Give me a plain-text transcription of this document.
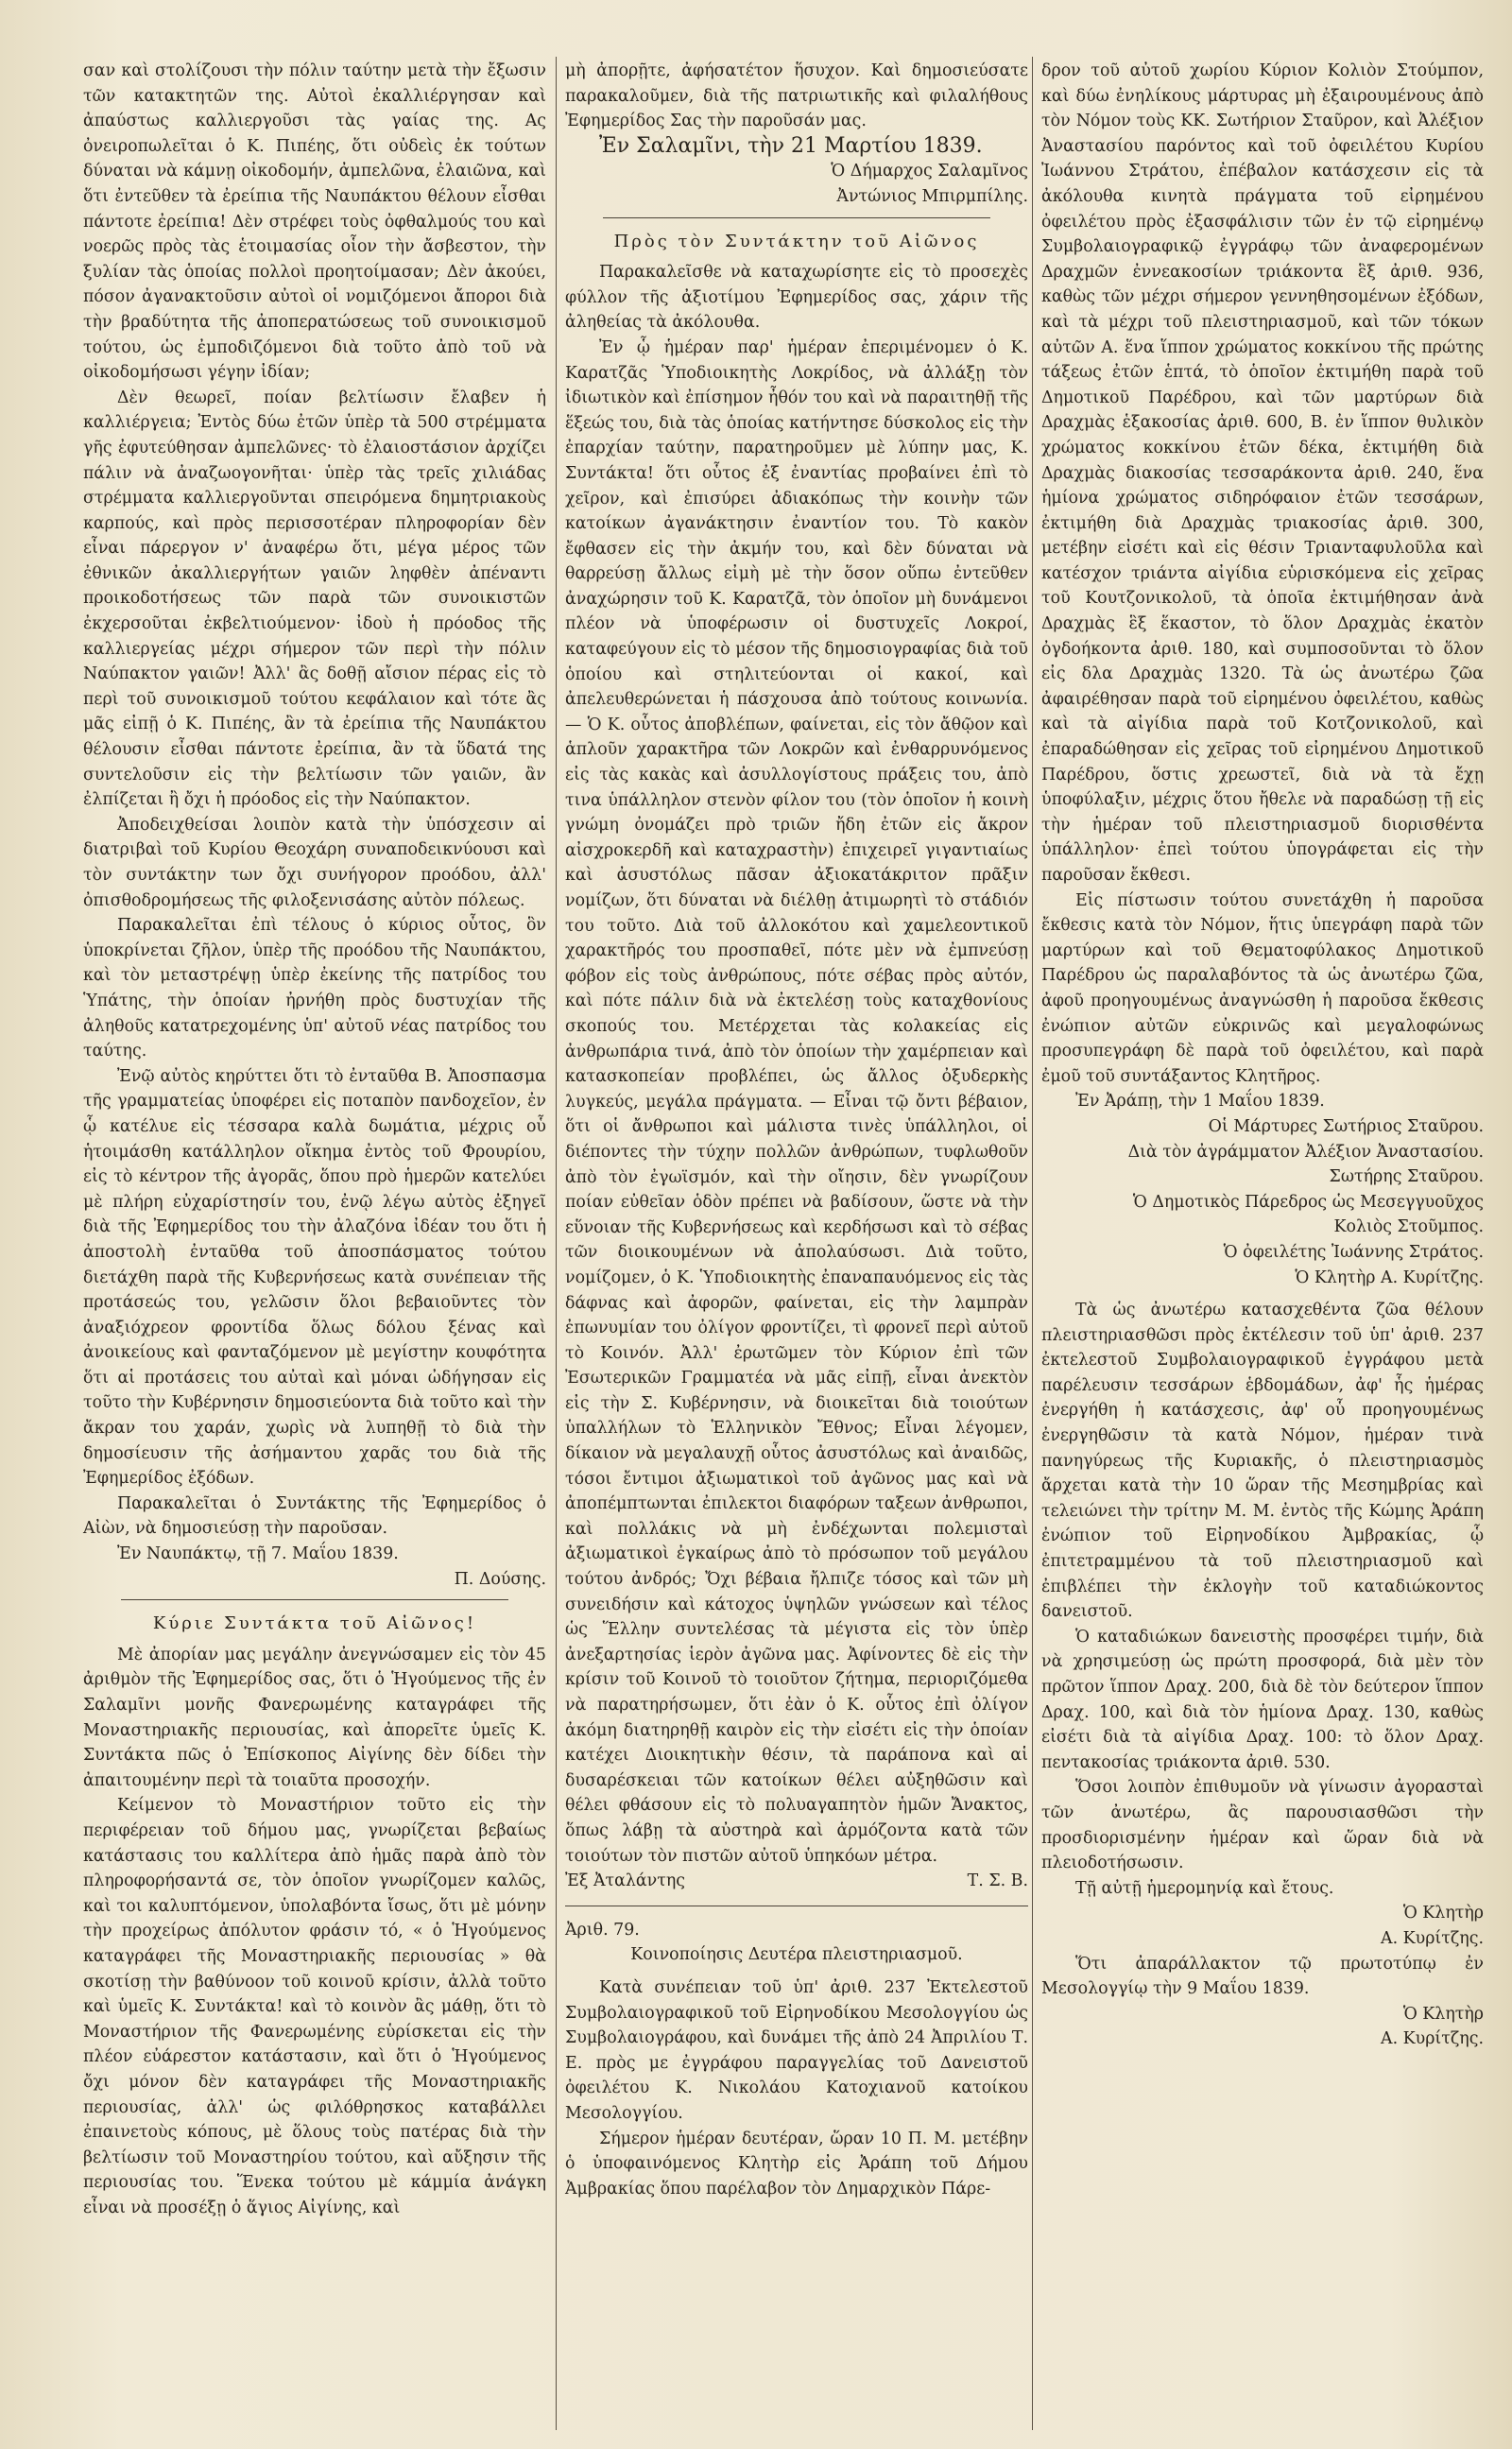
σαν καὶ στολίζουσι τὴν πόλιν ταύτην μετὰ τὴν ἔξωσιν τῶν κατακτητῶν της. Αὐτοὶ ἐκαλλιέργησαν καὶ ἀπαύστως καλλιεργοῦσι τὰς γαίας της. Ας ὀνειροπωλεῖται ὁ Κ. Πιπέης, ὅτι οὐδεὶς ἐκ τούτων δύναται νὰ κάμνῃ οἰκοδομήν, ἀμπελῶνα, ἐλαιῶνα, καὶ ὅτι ἐντεῦθεν τὰ ἐρείπια τῆς Ναυπάκτου θέλουν εἶσθαι πάντοτε ἐρείπια! Δὲν στρέφει τοὺς ὀφθαλμούς του καὶ νοερῶς πρὸς τὰς ἑτοιμασίας οἷον τὴν ἄσβεστον, τὴν ξυλίαν τὰς ὁποίας πολλοὶ προητοίμασαν; Δὲν ἀκούει, πόσον ἀγανακτοῦσιν αὐτοὶ οἱ νομιζόμενοι ἄποροι διὰ τὴν βραδύτητα τῆς ἀποπερατώσεως τοῦ συνοικισμοῦ τούτου, ὡς ἐμποδιζόμενοι διὰ τοῦτο ἀπὸ τοῦ νὰ οἰκοδομήσωσι γέγην ἰδίαν;

Δὲν θεωρεῖ, ποίαν βελτίωσιν ἔλαβεν ἡ καλλιέργεια; Ἐντὸς δύω ἐτῶν ὑπὲρ τὰ 500 στρέμματα γῆς ἐφυτεύθησαν ἀμπελῶνες· τὸ ἐλαιοστάσιον ἀρχίζει πάλιν νὰ ἀναζωογονῆται· ὑπὲρ τὰς τρεῖς χιλιάδας στρέμματα καλλιεργοῦνται σπειρόμενα δημητριακοὺς καρπούς, καὶ πρὸς περισσοτέραν πληροφορίαν δὲν εἶναι πάρεργον ν' ἀναφέρω ὅτι, μέγα μέρος τῶν ἐθνικῶν ἀκαλλιεργήτων γαιῶν ληφθὲν ἀπέναντι προικοδοτήσεως τῶν παρὰ τῶν συνοικιστῶν ἐκχερσοῦται ἐκβελτιούμενον· ἰδοὺ ἡ πρόοδος τῆς καλλιεργείας μέχρι σήμερον τῶν περὶ τὴν πόλιν Ναύπακτον γαιῶν! Ἀλλ' ἂς δοθῇ αἴσιον πέρας εἰς τὸ περὶ τοῦ συνοικισμοῦ τούτου κεφάλαιον καὶ τότε ἂς μᾶς εἰπῇ ὁ Κ. Πιπέης, ἂν τὰ ἐρείπια τῆς Ναυπάκτου θέλουσιν εἶσθαι πάντοτε ἐρείπια, ἂν τὰ ὕδατά της συντελοῦσιν εἰς τὴν βελτίωσιν τῶν γαιῶν, ἂν ἐλπίζεται ἢ ὄχι ἡ πρόοδος εἰς τὴν Ναύπακτον.

Ἀποδειχθείσαι λοιπὸν κατὰ τὴν ὑπόσχεσιν αἱ διατριβαὶ τοῦ Κυρίου Θεοχάρη συναποδεικνύουσι καὶ τὸν συντάκτην των ὄχι συνήγορον προόδου, ἀλλ' ὀπισθοδρομήσεως τῆς φιλοξενισάσης αὐτὸν πόλεως.

Παρακαλεῖται ἐπὶ τέλους ὁ κύριος οὗτος, ὃν ὑποκρίνεται ζῆλον, ὑπὲρ τῆς προόδου τῆς Ναυπάκτου, καὶ τὸν μεταστρέψῃ ὑπὲρ ἐκείνης τῆς πατρίδος του Ὑπάτης, τὴν ὁποίαν ἠρνήθη πρὸς δυστυχίαν τῆς ἀληθοῦς κατατρεχομένης ὑπ' αὐτοῦ νέας πατρίδος του ταύτης.

Ἐνῷ αὐτὸς κηρύττει ὅτι τὸ ἐνταῦθα Β. Ἀποσπασμα τῆς γραμματείας ὑποφέρει εἰς ποταπὸν πανδοχεῖον, ἐν ᾧ κατέλυε εἰς τέσσαρα καλὰ δωμάτια, μέχρις οὗ ἡτοιμάσθη κατάλληλον οἴκημα ἐντὸς τοῦ Φρουρίου, εἰς τὸ κέντρον τῆς ἀγορᾶς, ὅπου πρὸ ἡμερῶν κατελύει μὲ πλήρη εὐχαρίστησίν του, ἐνῷ λέγω αὐτὸς ἐξηγεῖ διὰ τῆς Ἐφημερίδος του τὴν ἀλαζόνα ἰδέαν του ὅτι ἡ ἀποστολὴ ἐνταῦθα τοῦ ἀποσπάσματος τούτου διετάχθη παρὰ τῆς Κυβερνήσεως κατὰ συνέπειαν τῆς προτάσεώς του, γελῶσιν ὅλοι βεβαιοῦντες τὸν ἀναξιόχρεον φροντίδα ὅλως δόλου ξένας καὶ ἀνοικείους καὶ φανταζόμενον μὲ μεγίστην κουφότητα ὅτι αἱ προτάσεις του αὐταὶ καὶ μόναι ὠδήγησαν εἰς τοῦτο τὴν Κυβέρνησιν δημοσιεύοντα διὰ τοῦτο καὶ τὴν ἄκραν του χαράν, χωρὶς νὰ λυπηθῇ τὸ διὰ τὴν δημοσίευσιν τῆς ἀσήμαντου χαρᾶς του διὰ τῆς Ἐφημερίδος ἐξόδων.

Παρακαλεῖται ὁ Συντάκτης τῆς Ἐφημερίδος ὁ Αἰὼν, νὰ δημοσιεύσῃ τὴν παροῦσαν.

Ἐν Ναυπάκτῳ, τῇ 7. Μαΐου 1839.

Π. Δούσης.

Κύριε Συντάκτα τοῦ Αἰῶνος!

Μὲ ἀπορίαν μας μεγάλην ἀνεγνώσαμεν εἰς τὸν 45 ἀριθμὸν τῆς Ἐφημερίδος σας, ὅτι ὁ Ἡγούμενος τῆς ἐν Σαλαμῖνι μονῆς Φανερωμένης καταγράφει τῆς Μοναστηριακῆς περιουσίας, καὶ ἀπορεῖτε ὑμεῖς Κ. Συντάκτα πῶς ὁ Ἐπίσκοπος Αἰγίνης δὲν δίδει τὴν ἀπαιτουμένην περὶ τὰ τοιαῦτα προσοχήν.

Κείμενον τὸ Μοναστήριον τοῦτο εἰς τὴν περιφέρειαν τοῦ δήμου μας, γνωρίζεται βεβαίως κατάστασις του καλλίτερα ἀπὸ ἡμᾶς παρὰ ἀπὸ τὸν πληροφορήσαντά σε, τὸν ὁποῖον γνωρίζομεν καλῶς, καὶ τοι καλυπτόμενον, ὑπολαβόντα ἴσως, ὅτι μὲ μόνην τὴν προχείρως ἀπόλυτον φράσιν τό, « ὁ Ἡγούμενος καταγράφει τῆς Μοναστηριακῆς περιουσίας » θὰ σκοτίσῃ τὴν βαθύνοον τοῦ κοινοῦ κρίσιν, ἀλλὰ τοῦτο καὶ ὑμεῖς Κ. Συντάκτα! καὶ τὸ κοινὸν ἂς μάθῃ, ὅτι τὸ Μοναστήριον τῆς Φανερωμένης εὑρίσκεται εἰς τὴν πλέον εὐάρεστον κατάστασιν, καὶ ὅτι ὁ Ἡγούμενος ὄχι μόνον δὲν καταγράφει τῆς Μοναστηριακῆς περιουσίας, ἀλλ' ὡς φιλόθρησκος καταβάλλει ἐπαινετοὺς κόπους, μὲ ὅλους τοὺς πατέρας διὰ τὴν βελτίωσιν τοῦ Μοναστηρίου τούτου, καὶ αὔξησιν τῆς περιουσίας του. Ἕνεκα τούτου μὲ κάμμία ἀνάγκη εἶναι νὰ προσέξῃ ὁ ἅγιος Αἰγίνης, καὶ

μὴ ἀπορῇτε, ἀφήσατέτον ἥσυχον. Καὶ δημοσιεύσατε παρακαλοῦμεν, διὰ τῆς πατριωτικῆς καὶ φιλαλήθους Ἐφημερίδος Σας τὴν παροῦσάν μας.

Ἐν Σαλαμῖνι, τὴν 21 Μαρτίου 1839.

Ὁ Δήμαρχος Σαλαμῖνος

Ἀντώνιος Μπιρμπίλης.

Πρὸς τὸν Συντάκτην τοῦ Αἰῶνος

Παρακαλεῖσθε νὰ καταχωρίσητε εἰς τὸ προσεχὲς φύλλον τῆς ἀξιοτίμου Ἐφημερίδος σας, χάριν τῆς ἀληθείας τὰ ἀκόλουθα.

Ἐν ᾧ ἡμέραν παρ' ἡμέραν ἐπεριμένομεν ὁ Κ. Καρατζᾶς Ὑποδιοικητὴς Λοκρίδος, νὰ ἀλλάξῃ τὸν ἰδιωτικὸν καὶ ἐπίσημον ἦθόν του καὶ νὰ παραιτηθῇ τῆς ἕξεώς του, διὰ τὰς ὁποίας κατήντησε δύσκολος εἰς τὴν ἐπαρχίαν ταύτην, παρατηροῦμεν μὲ λύπην μας, Κ. Συντάκτα! ὅτι οὗτος ἐξ ἐναντίας προβαίνει ἐπὶ τὸ χεῖρον, καὶ ἐπισύρει ἀδιακόπως τὴν κοινὴν τῶν κατοίκων ἀγανάκτησιν ἐναντίον του. Τὸ κακὸν ἔφθασεν εἰς τὴν ἀκμήν του, καὶ δὲν δύναται νὰ θαρρεύσῃ ἄλλως εἰμὴ μὲ τὴν ὅσον οὕπω ἐντεῦθεν ἀναχώρησιν τοῦ Κ. Καρατζᾶ, τὸν ὁποῖον μὴ δυνάμενοι πλέον νὰ ὑποφέρωσιν οἱ δυστυχεῖς Λοκροί, καταφεύγουν εἰς τὸ μέσον τῆς δημοσιογραφίας διὰ τοῦ ὁποίου καὶ στηλιτεύονται οἱ κακοί, καὶ ἀπελευθερώνεται ἡ πάσχουσα ἀπὸ τούτους κοινωνία. — Ὁ Κ. οὗτος ἀποβλέπων, φαίνεται, εἰς τὸν ἄθῷον καὶ ἁπλοῦν χαρακτῆρα τῶν Λοκρῶν καὶ ἐνθαρρυνόμενος εἰς τὰς κακὰς καὶ ἀσυλλογίστους πράξεις του, ἀπὸ τινα ὑπάλληλον στενὸν φίλον του (τὸν ὁποῖον ἡ κοινὴ γνώμη ὀνομάζει πρὸ τριῶν ἤδη ἐτῶν εἰς ἄκρον αἰσχροκερδῆ καὶ καταχραστὴν) ἐπιχειρεῖ γιγαντιαίως καὶ ἀσυστόλως πᾶσαν ἀξιοκατάκριτον πρᾶξιν νομίζων, ὅτι δύναται νὰ διέλθῃ ἀτιμωρητὶ τὸ στάδιόν του τοῦτο. Διὰ τοῦ ἀλλοκότου καὶ χαμελεοντικοῦ χαρακτῆρός του προσπαθεῖ, πότε μὲν νὰ ἐμπνεύσῃ φόβον εἰς τοὺς ἀνθρώπους, πότε σέβας πρὸς αὐτόν, καὶ πότε πάλιν διὰ νὰ ἐκτελέσῃ τοὺς καταχθονίους σκοπούς του. Μετέρχεται τὰς κολακείας εἰς ἀνθρωπάρια τινά, ἀπὸ τὸν ὁποίων τὴν χαμέρπειαν καὶ κατασκοπείαν προβλέπει, ὡς ἄλλος ὀξυδερκὴς λυγκεύς, μεγάλα πράγματα. — Εἶναι τῷ ὄντι βέβαιον, ὅτι οἱ ἄνθρωποι καὶ μάλιστα τινὲς ὑπάλληλοι, οἱ διέποντες τὴν τύχην πολλῶν ἀνθρώπων, τυφλωθοῦν ἀπὸ τὸν ἐγωϊσμόν, καὶ τὴν οἴησιν, δὲν γνωρίζουν ποίαν εὐθεῖαν ὁδὸν πρέπει νὰ βαδίσουν, ὥστε νὰ τὴν εὕνοιαν τῆς Κυβερνήσεως καὶ κερδήσωσι καὶ τὸ σέβας τῶν διοικουμένων νὰ ἀπολαύσωσι. Διὰ τοῦτο, νομίζομεν, ὁ Κ. Ὑποδιοικητὴς ἐπαναπαυόμενος εἰς τὰς δάφνας καὶ ἀφορῶν, φαίνεται, εἰς τὴν λαμπρὰν ἐπωνυμίαν του ὀλίγον φροντίζει, τὶ φρονεῖ περὶ αὐτοῦ τὸ Κοινόν. Ἀλλ' ἐρωτῶμεν τὸν Κύριον ἐπὶ τῶν Ἐσωτερικῶν Γραμματέα νὰ μᾶς εἰπῇ, εἶναι ἀνεκτὸν εἰς τὴν Σ. Κυβέρνησιν, νὰ διοικεῖται διὰ τοιούτων ὑπαλλήλων τὸ Ἑλληνικὸν Ἔθνος; Εἶναι λέγομεν, δίκαιον νὰ μεγαλαυχῇ οὗτος ἀσυστόλως καὶ ἀναιδῶς, τόσοι ἔντιμοι ἀξιωματικοὶ τοῦ ἀγῶνος μας καὶ νὰ ἀποπέμπτωνται ἐπιλεκτοι διαφόρων ταξεων ἀνθρωποι, καὶ πολλάκις νὰ μὴ ἐνδέχωνται πολεμισταὶ ἀξιωματικοὶ ἐγκαίρως ἀπὸ τὸ πρόσωπον τοῦ μεγάλου τούτου ἀνδρός; Ὄχι βέβαια ἤλπιζε τόσος καὶ τῶν μὴ συνειδήσιν καὶ κάτοχος ὑψηλῶν γνώσεων καὶ τέλος ὡς Ἕλλην συντελέσας τὰ μέγιστα εἰς τὸν ὑπὲρ ἀνεξαρτησίας ἱερὸν ἀγῶνα μας. Ἀφίνοντες δὲ εἰς τὴν κρίσιν τοῦ Κοινοῦ τὸ τοιοῦτον ζήτημα, περιοριζόμεθα νὰ παρατηρήσωμεν, ὅτι ἐὰν ὁ Κ. οὗτος ἐπὶ ὀλίγον ἀκόμη διατηρηθῇ καιρὸν εἰς τὴν εἰσέτι εἰς τὴν ὁποίαν κατέχει Διοικητικὴν θέσιν, τὰ παράπονα καὶ αἱ δυσαρέσκειαι τῶν κατοίκων θέλει αὐξηθῶσιν καὶ θέλει φθάσουν εἰς τὸ πολυαγαπητὸν ἡμῶν Ἄνακτος, ὅπως λάβῃ τὰ αὐστηρὰ καὶ ἁρμόζοντα κατὰ τῶν τοιούτων τὸν πιστῶν αὐτοῦ ὑπηκόων μέτρα.

Ἐξ Ἀταλάντης	Τ. Σ. Β.

Ἀριθ. 79.

Κοινοποίησις Δευτέρα πλειστηριασμοῦ.

Κατὰ συνέπειαν τοῦ ὑπ' ἀριθ. 237 Ἐκτελεστοῦ Συμβολαιογραφικοῦ τοῦ Εἰρηνοδίκου Μεσολογγίου ὡς Συμβολαιογράφου, καὶ δυνάμει τῆς ἀπὸ 24 Ἀπριλίου Τ. Ε. πρὸς με ἐγγράφου παραγγελίας τοῦ Δανειστοῦ ὀφειλέτου Κ. Νικολάου Κατοχιανοῦ κατοίκου Μεσολογγίου.

Σήμερον ἡμέραν δευτέραν, ὥραν 10 Π. Μ. μετέβην ὁ ὑποφαινόμενος Κλητὴρ εἰς Ἀράπη τοῦ Δήμου Ἀμβρακίας ὅπου παρέλαβον τὸν Δημαρχικὸν Πάρε-

δρον τοῦ αὐτοῦ χωρίου Κύριον Κολιὸν Στούμπον, καὶ δύω ἐνηλίκους μάρτυρας μὴ ἐξαιρουμένους ἀπὸ τὸν Νόμον τοὺς ΚΚ. Σωτήριον Σταῦρον, καὶ Ἀλέξιον Ἀναστασίου παρόντος καὶ τοῦ ὀφειλέτου Κυρίου Ἰωάννου Στράτου, ἐπέβαλον κατάσχεσιν εἰς τὰ ἀκόλουθα κινητὰ πράγματα τοῦ εἰρημένου ὀφειλέτου πρὸς ἐξασφάλισιν τῶν ἐν τῷ εἰρημένῳ Συμβολαιογραφικῷ ἐγγράφῳ τῶν ἀναφερομένων Δραχμῶν ἐννεακοσίων τριάκοντα ἓξ ἀριθ. 936, καθὼς τῶν μέχρι σήμερον γεννηθησομένων ἐξόδων, καὶ τὰ μέχρι τοῦ πλειστηριασμοῦ, καὶ τῶν τόκων αὐτῶν Α. ἕνα ἵππον χρώματος κοκκίνου τῆς πρώτης τάξεως ἐτῶν ἑπτά, τὸ ὁποῖον ἐκτιμήθη παρὰ τοῦ Δημοτικοῦ Παρέδρου, καὶ τῶν μαρτύρων διὰ Δραχμὰς ἑξακοσίας ἀριθ. 600, Β. ἐν ἵππον θυλικὸν χρώματος κοκκίνου ἐτῶν δέκα, ἐκτιμήθη διὰ Δραχμὰς διακοσίας τεσσαράκοντα ἀριθ. 240, ἕνα ἡμίονα χρώματος σιδηρόφαιον ἐτῶν τεσσάρων, ἐκτιμήθη διὰ Δραχμὰς τριακοσίας ἀριθ. 300, μετέβην εἰσέτι καὶ εἰς θέσιν Τριανταφυλοῦλα καὶ κατέσχον τριάντα αἰγίδια εὑρισκόμενα εἰς χεῖρας τοῦ Κουτζονικολοῦ, τὰ ὁποῖα ἐκτιμήθησαν ἀνὰ Δραχμὰς ἓξ ἕκαστον, τὸ ὅλον Δραχμὰς ἑκατὸν ὀγδοήκοντα ἀριθ. 180, καὶ συμποσοῦνται τὸ ὅλον εἰς δλα Δραχμὰς 1320. Τὰ ὡς ἀνωτέρω ζῶα ἀφαιρέθησαν παρὰ τοῦ εἰρημένου ὀφειλέτου, καθὼς καὶ τὰ αἰγίδια παρὰ τοῦ Κοτζονικολοῦ, καὶ ἐπαραδώθησαν εἰς χεῖρας τοῦ εἰρημένου Δημοτικοῦ Παρέδρου, ὅστις χρεωστεῖ, διὰ νὰ τὰ ἔχῃ ὑποφύλαξιν, μέχρις ὅτου ἤθελε νὰ παραδώσῃ τῇ εἰς τὴν ἡμέραν τοῦ πλειστηριασμοῦ διορισθέντα ὑπάλληλον· ἐπεὶ τούτου ὑπογράφεται εἰς τὴν παροῦσαν ἔκθεσι.

Εἰς πίστωσιν τούτου συνετάχθη ἡ παροῦσα ἔκθεσις κατὰ τὸν Νόμον, ἥτις ὑπεγράφη παρὰ τῶν μαρτύρων καὶ τοῦ Θεματοφύλακος Δημοτικοῦ Παρέδρου ὡς παραλαβόντος τὰ ὡς ἀνωτέρω ζῶα, ἀφοῦ προηγουμένως ἀναγνώσθη ἡ παροῦσα ἔκθεσις ἐνώπιον αὐτῶν εὐκρινῶς καὶ μεγαλοφώνως προσυπεγράφη δὲ παρὰ τοῦ ὀφειλέτου, καὶ παρὰ ἐμοῦ τοῦ συντάξαντος Κλητῆρος.

Ἐν Ἀράπῃ, τὴν 1 Μαΐου 1839.

Οἱ Μάρτυρες Σωτήριος Σταῦρου.

Διὰ τὸν ἀγράμματον Ἀλέξιον Ἀναστασίου.

Σωτήρης Σταῦρου.

Ὁ Δημοτικὸς Πάρεδρος ὡς Μεσεγγυοῦχος

Κολιὸς Στοῦμπος.

Ὁ ὀφειλέτης Ἰωάννης Στράτος.

Ὁ Κλητὴρ Α. Κυρίτζης.

Τὰ ὡς ἀνωτέρω κατασχεθέντα ζῶα θέλουν πλειστηριασθῶσι πρὸς ἐκτέλεσιν τοῦ ὑπ' ἀριθ. 237 ἐκτελεστοῦ Συμβολαιογραφικοῦ ἐγγράφου μετὰ παρέλευσιν τεσσάρων ἑβδομάδων, ἀφ' ἧς ἡμέρας ἐνεργήθη ἡ κατάσχεσις, ἀφ' οὗ προηγουμένως ἐνεργηθῶσιν τὰ κατὰ Νόμον, ἡμέραν τινὰ πανηγύρεως τῆς Κυριακῆς, ὁ πλειστηριασμὸς ἄρχεται κατὰ τὴν 10 ὥραν τῆς Μεσημβρίας καὶ τελειώνει τὴν τρίτην Μ. Μ. ἐντὸς τῆς Κώμης Ἀράπη ἐνώπιον τοῦ Εἰρηνοδίκου Ἀμβρακίας, ᾧ ἐπιτετραμμένου τὰ τοῦ πλειστηριασμοῦ καὶ ἐπιβλέπει τὴν ἐκλογὴν τοῦ καταδιώκοντος δανειστοῦ.

Ὁ καταδιώκων δανειστὴς προσφέρει τιμήν, διὰ νὰ χρησιμεύσῃ ὡς πρώτη προσφορά, διὰ μὲν τὸν πρῶτον ἵππον Δραχ. 200, διὰ δὲ τὸν δεύτερον ἵππον Δραχ. 100, καὶ διὰ τὸν ἡμίονα Δραχ. 130, καθὼς εἰσέτι διὰ τὰ αἰγίδια Δραχ. 100: τὸ ὅλον Δραχ. πεντακοσίας τριάκοντα ἀριθ. 530.

Ὅσοι λοιπὸν ἐπιθυμοῦν νὰ γίνωσιν ἀγορασταὶ τῶν ἀνωτέρω, ἂς παρουσιασθῶσι τὴν προσδιορισμένην ἡμέραν καὶ ὥραν διὰ νὰ πλειοδοτήσωσιν.

Τῇ αὐτῇ ἡμερομηνίᾳ καὶ ἔτους.

Ὁ Κλητὴρ

Α. Κυρίτζης.

Ὅτι ἀπαράλλακτον τῷ πρωτοτύπῳ ἐν Μεσολογγίῳ τὴν 9 Μαΐου 1839.

Ὁ Κλητὴρ

Α. Κυρίτζης.
